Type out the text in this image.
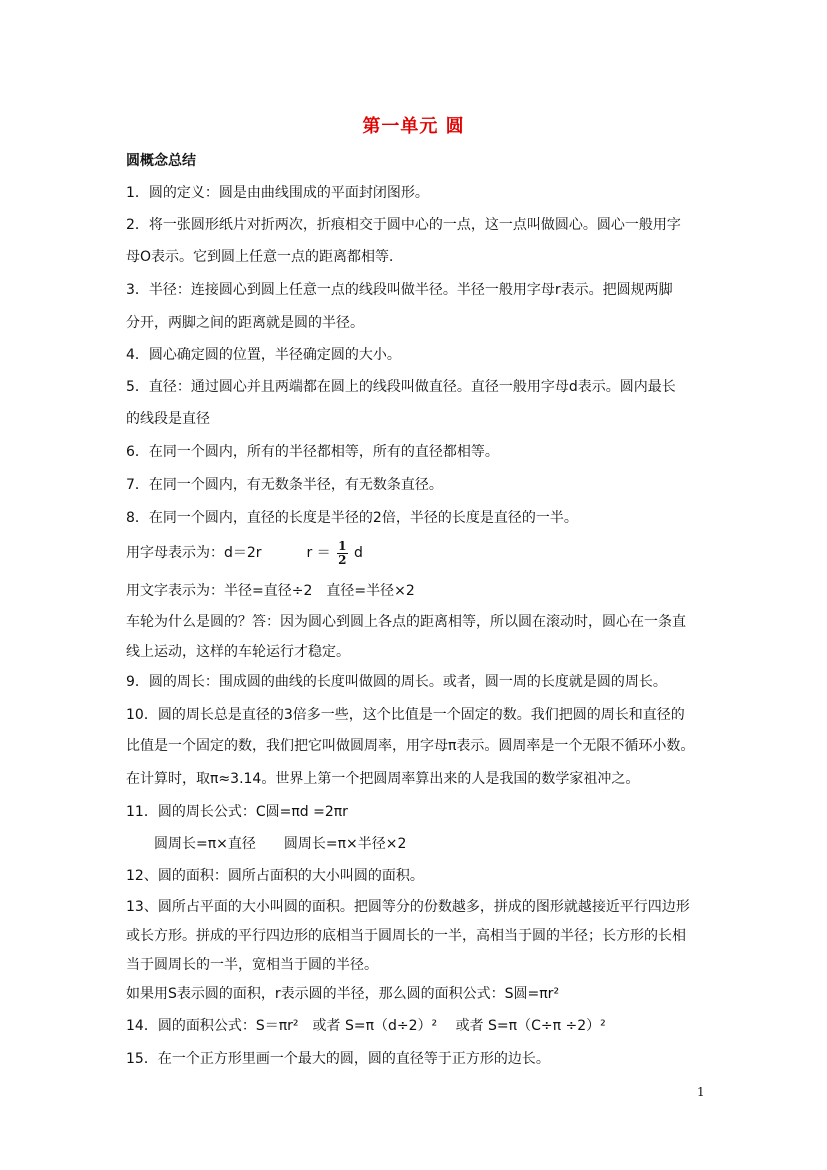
第一单元 圆
圆概念总结
1．圆的定义：圆是由曲线围成的平面封闭图形。
2．将一张圆形纸片对折两次，折痕相交于圆中心的一点，这一点叫做圆心。圆心一般用字
母O表示。它到圆上任意一点的距离都相等．
3．半径：连接圆心到圆上任意一点的线段叫做半径。半径一般用字母r表示。把圆规两脚
分开，两脚之间的距离就是圆的半径。
4．圆心确定圆的位置，半径确定圆的大小。
5．直径：通过圆心并且两端都在圆上的线段叫做直径。直径一般用字母d表示。圆内最长
的线段是直径
6．在同一个圆内，所有的半径都相等，所有的直径都相等。
7．在同一个圆内，有无数条半径，有无数条直径。
8．在同一个圆内，直径的长度是半径的2倍，半径的长度是直径的一半。
用字母表示为：d＝2r	$r = \frac{1}{2}$ d
用文字表示为：半径=直径÷2　直径=半径×2
车轮为什么是圆的？答：因为圆心到圆上各点的距离相等，所以圆在滚动时，圆心在一条直
线上运动，这样的车轮运行才稳定。
9．圆的周长：围成圆的曲线的长度叫做圆的周长。或者，圆一周的长度就是圆的周长。
10．圆的周长总是直径的3倍多一些，这个比值是一个固定的数。我们把圆的周长和直径的
比值是一个固定的数，我们把它叫做圆周率，用字母π表示。圆周率是一个无限不循环小数。
在计算时，取π≈3.14。世界上第一个把圆周率算出来的人是我国的数学家祖冲之。
11．圆的周长公式：C圆=πd =2πr
　　圆周长=π×直径　　圆周长=π×半径×2
12、圆的面积：圆所占面积的大小叫圆的面积。
13、圆所占平面的大小叫圆的面积。把圆等分的份数越多，拼成的图形就越接近平行四边形
或长方形。拼成的平行四边形的底相当于圆周长的一半，高相当于圆的半径；长方形的长相
当于圆周长的一半，宽相当于圆的半径。
如果用S表示圆的面积，r表示圆的半径，那么圆的面积公式：S圆=πr²
14．圆的面积公式：S＝πr²　或者 S=π（d÷2）²　 或者 S=π（C÷π ÷2）²
15．在一个正方形里画一个最大的圆，圆的直径等于正方形的边长。
1
